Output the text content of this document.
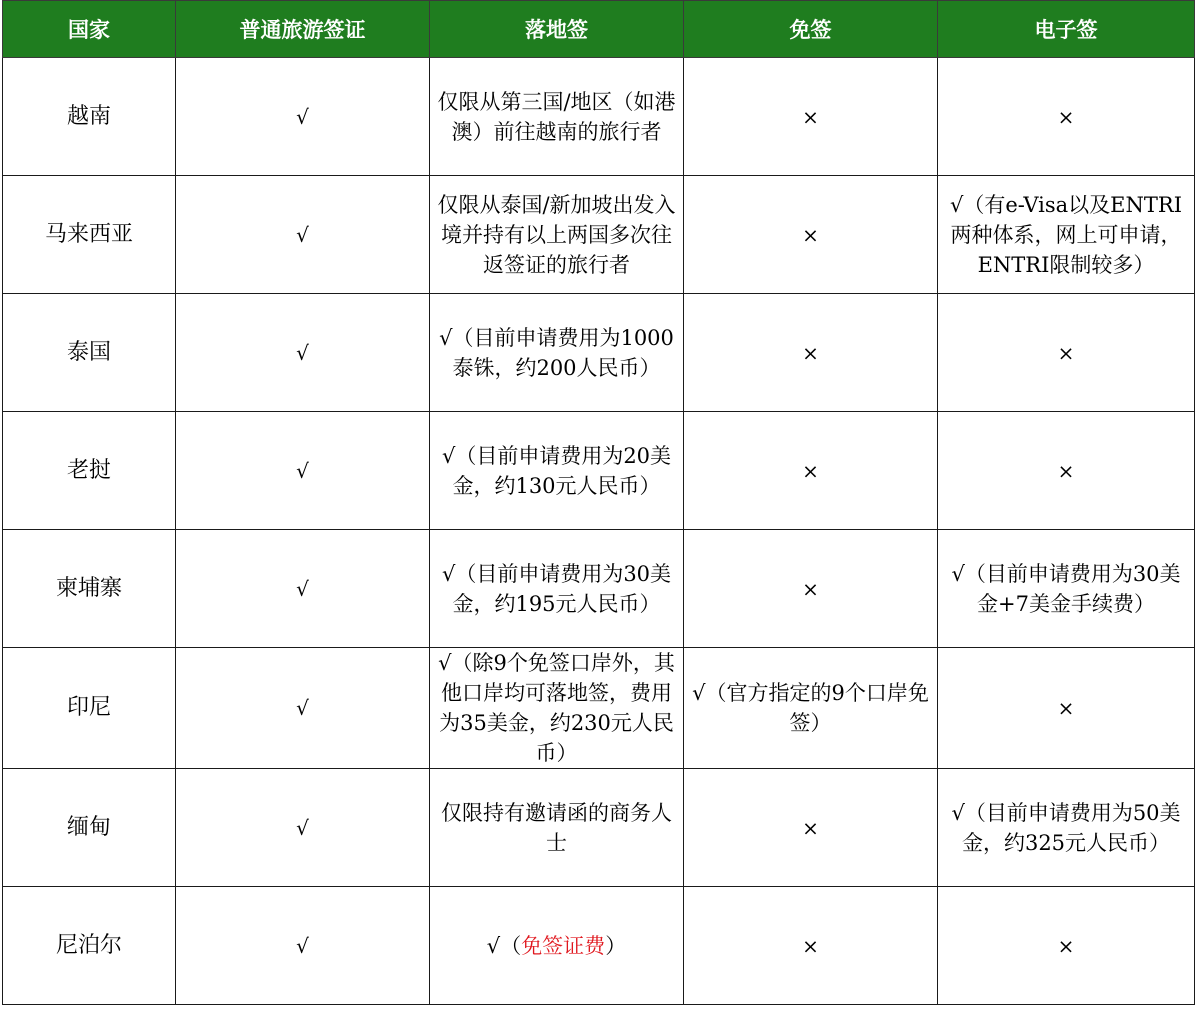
国家	普通旅游签证	落地签	免签	电子签
越南	√	仅限从第三国/地区（如港澳）前往越南的旅行者	×	×
马来西亚	√	仅限从泰国/新加坡出发入境并持有以上两国多次往返签证的旅行者	×	√（有e-Visa以及ENTRI两种体系，网上可申请，ENTRI限制较多）
泰国	√	√（目前申请费用为1000泰铢，约200人民币）	×	×
老挝	√	√（目前申请费用为20美金，约130元人民币）	×	×
柬埔寨	√	√（目前申请费用为30美金，约195元人民币）	×	√（目前申请费用为30美金+7美金手续费）
印尼	√	√（除9个免签口岸外，其他口岸均可落地签，费用为35美金，约230元人民币）	√（官方指定的9个口岸免签）	×
缅甸	√	仅限持有邀请函的商务人士	×	√（目前申请费用为50美金，约325元人民币）
尼泊尔	√	√（免签证费）	×	×
